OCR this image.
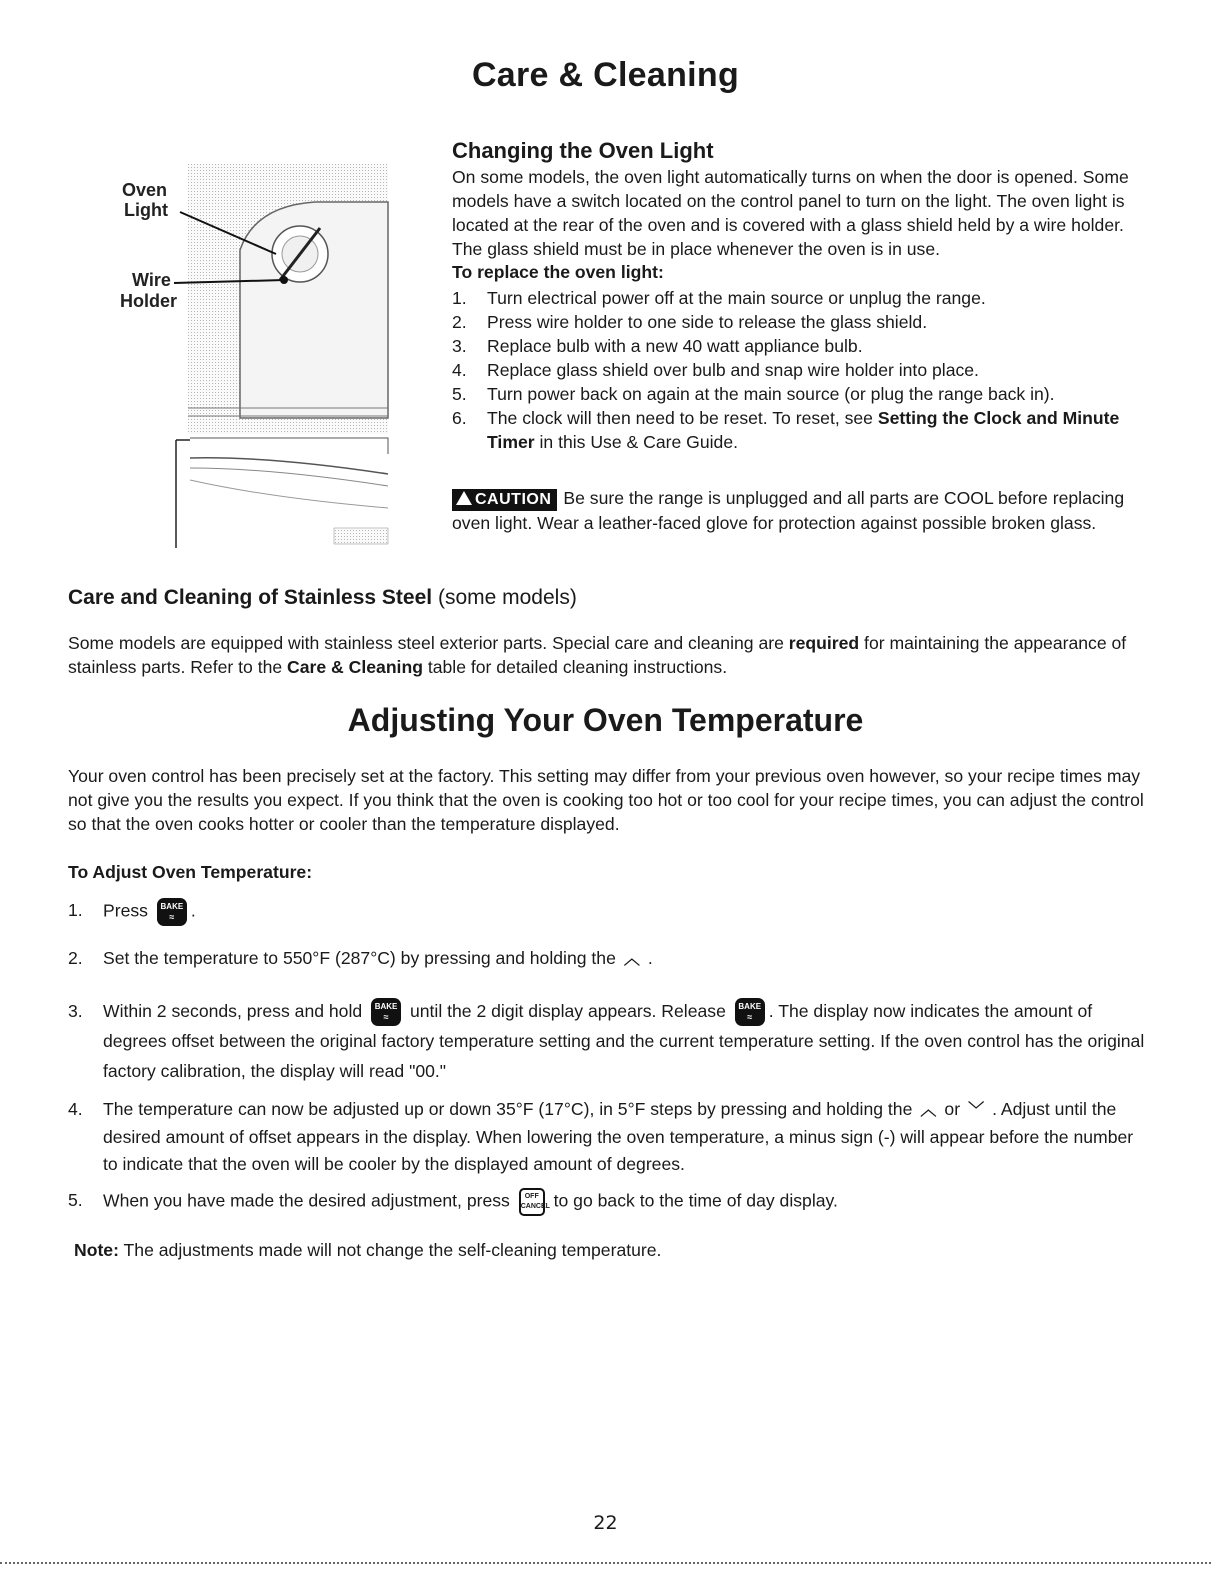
Care & Cleaning
Oven
Light
Wire
Holder
Changing the Oven Light
On some models, the oven light automatically turns on when the door is opened. Some models have a switch located on the control panel to turn on the light. The oven light is located at the rear of the oven and is covered with a glass shield held by a wire holder. The glass shield must be in place whenever the oven is in use.
To replace the oven light:
1. Turn electrical power off at the main source or unplug the range.
2. Press wire holder to one side to release the glass shield.
3. Replace bulb with a new 40 watt appliance bulb.
4. Replace glass shield over bulb and snap wire holder into place.
5. Turn power back on again at the main source (or plug the range back in).
6. The clock will then need to be reset. To reset, see Setting the Clock and Minute Timer in this Use & Care Guide.
CAUTION Be sure the range is unplugged and all parts are COOL before replacing oven light. Wear a leather-faced glove for protection against possible broken glass.
Care and Cleaning of Stainless Steel (some models)
Some models are equipped with stainless steel exterior parts. Special care and cleaning are required for maintaining the appearance of stainless parts. Refer to the Care & Cleaning table for detailed cleaning instructions.
Adjusting Your Oven Temperature
Your oven control has been precisely set at the factory. This setting may differ from your previous oven however, so your recipe times may not give you the results you expect. If you think that the oven is cooking too hot or too cool for your recipe times, you can adjust the control so that the oven cooks hotter or cooler than the temperature displayed.
To Adjust Oven Temperature:
1. Press BAKE
≈ .
2. Set the temperature to 550°F (287°C) by pressing and holding the ︿ .
3. Within 2 seconds, press and hold BAKE
≈	until the 2 digit display appears. Release BAKE
≈ . The display now indicates the amount of degrees offset between the original factory temperature setting and the current temperature setting. If the oven control has the original factory calibration, the display will read "00."
4. The temperature can now be adjusted up or down 35°F (17°C), in 5°F steps by pressing and holding the ︿ or ﹀ . Adjust until the desired amount of offset appears in the display. When lowering the oven temperature, a minus sign (-) will appear before the number to indicate that the oven will be cooler by the displayed amount of degrees.
5. When you have made the desired adjustment, press OFF
CANCEL to go back to the time of day display.
Note: The adjustments made will not change the self-cleaning temperature.
22
